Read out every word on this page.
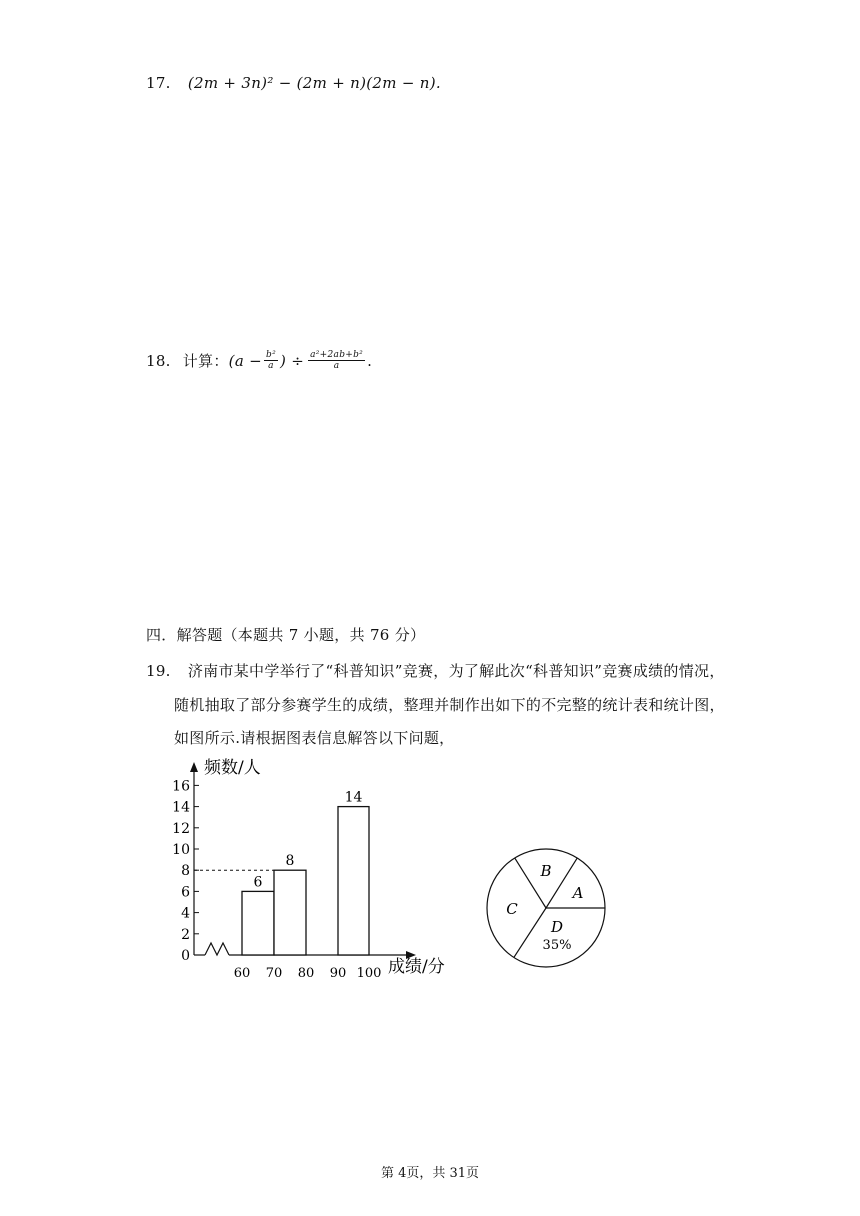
17. (2m + 3n)² − (2m + n)(2m − n).
18. 计算： ($a - \frac{\text{b²}}{a}$ ) ÷ $\frac{\text{a²+2ab+b²}}{a}$ .
四．解答题（本题共 7 小题，共 76 分）
19. 济南市某中学举行了“科普知识”竞赛，为了解此次“科普知识”竞赛成绩的情况，
随机抽取了部分参赛学生的成绩，整理并制作出如下的不完整的统计表和统计图，
如图所示.请根据图表信息解答以下问题，
0
2
4
6
8
10
12
14
16
60 70 80 90 100
6
8
14
频数/人
成绩/分
A
B
C
D
35%
第 4页，共 31页
